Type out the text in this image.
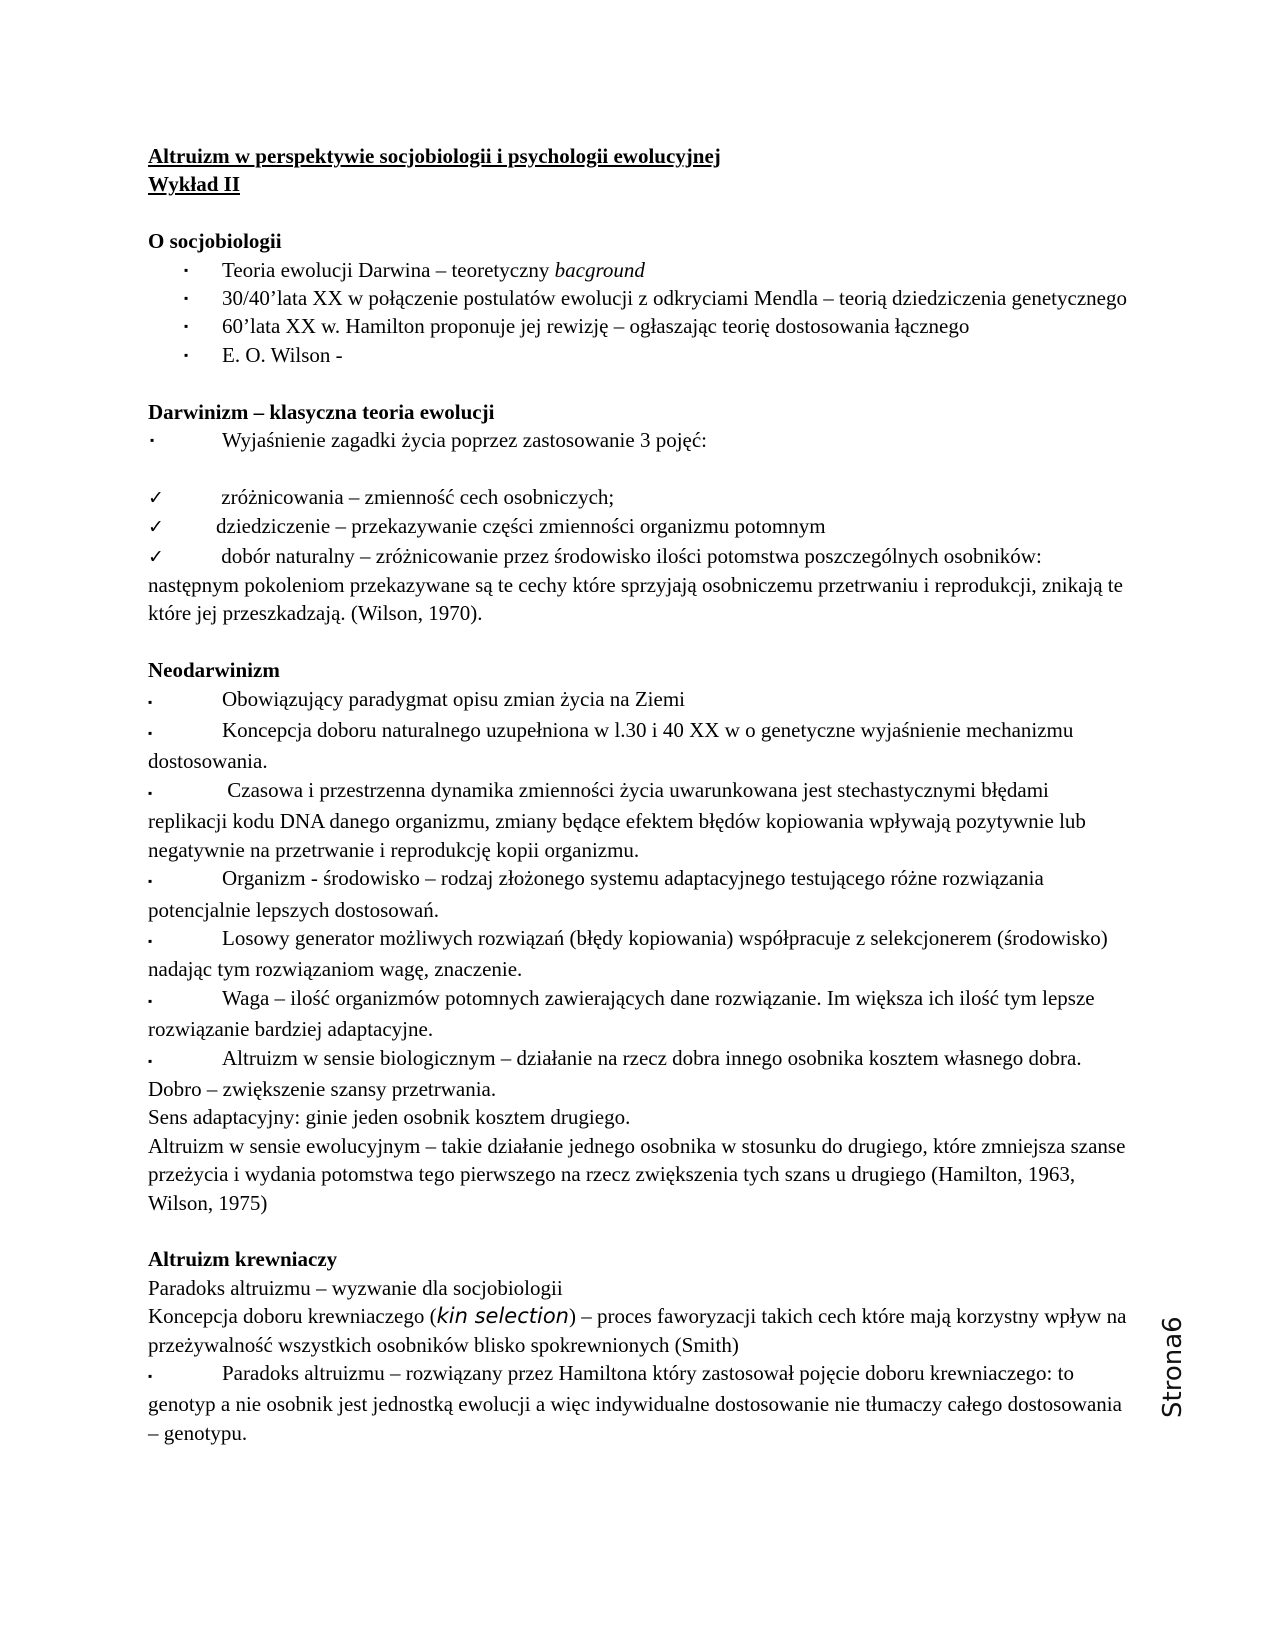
Altruizm w perspektywie socjobiologii i psychologii ewolucyjnej

Wykład II

O socjobiologii

▪ Teoria ewolucji Darwina – teoretyczny bacground
▪ 30/40’lata XX w połączenie postulatów ewolucji z odkryciami Mendla – teorią dziedziczenia genetycznego
▪ 60’lata XX w. Hamilton proponuje jej rewizję – ogłaszając teorię dostosowania łącznego
▪ E. O. Wilson -

Darwinizm – klasyczna teoria ewolucji

▪	Wyjaśnienie zagadki życia poprzez zastosowanie 3 pojęć:

✓ zróżnicowania – zmienność cech osobniczych;

✓ dziedziczenie – przekazywanie części zmienności organizmu potomnym

✓ dobór naturalny – zróżnicowanie przez środowisko ilości potomstwa poszczególnych osobników: następnym pokoleniom przekazywane są te cechy które sprzyjają osobniczemu przetrwaniu i reprodukcji, znikają te które jej przeszkadzają. (Wilson, 1970).

Neodarwinizm

▪	Obowiązujący paradygmat opisu zmian życia na Ziemi

▪	Koncepcja doboru naturalnego uzupełniona w l.30 i 40 XX w o genetyczne wyjaśnienie mechanizmu dostosowania.

▪	Czasowa i przestrzenna dynamika zmienności życia uwarunkowana jest stechastycznymi błędami replikacji kodu DNA danego organizmu, zmiany będące efektem błędów kopiowania wpływają pozytywnie lub negatywnie na przetrwanie i reprodukcję kopii organizmu.

▪	Organizm - środowisko – rodzaj złożonego systemu adaptacyjnego testującego różne rozwiązania potencjalnie lepszych dostosowań.

▪	Losowy generator możliwych rozwiązań (błędy kopiowania) współpracuje z selekcjonerem (środowisko) nadając tym rozwiązaniom wagę, znaczenie.

▪	Waga – ilość organizmów potomnych zawierających dane rozwiązanie. Im większa ich ilość tym lepsze rozwiązanie bardziej adaptacyjne.

▪	Altruizm w sensie biologicznym – działanie na rzecz dobra innego osobnika kosztem własnego dobra. Dobro – zwiększenie szansy przetrwania.

Sens adaptacyjny: ginie jeden osobnik kosztem drugiego.

Altruizm w sensie ewolucyjnym – takie działanie jednego osobnika w stosunku do drugiego, które zmniejsza szanse przeżycia i wydania potomstwa tego pierwszego na rzecz zwiększenia tych szans u drugiego (Hamilton, 1963, Wilson, 1975)

Altruizm krewniaczy

Paradoks altruizmu – wyzwanie dla socjobiologii

Koncepcja doboru krewniaczego (kin selection) – proces faworyzacji takich cech które mają korzystny wpływ na przeżywalność wszystkich osobników blisko spokrewnionych (Smith)

▪	Paradoks altruizmu – rozwiązany przez Hamiltona który zastosował pojęcie doboru krewniaczego: to genotyp a nie osobnik jest jednostką ewolucji a więc indywidualne dostosowanie nie tłumaczy całego dostosowania – genotypu.

Strona6
